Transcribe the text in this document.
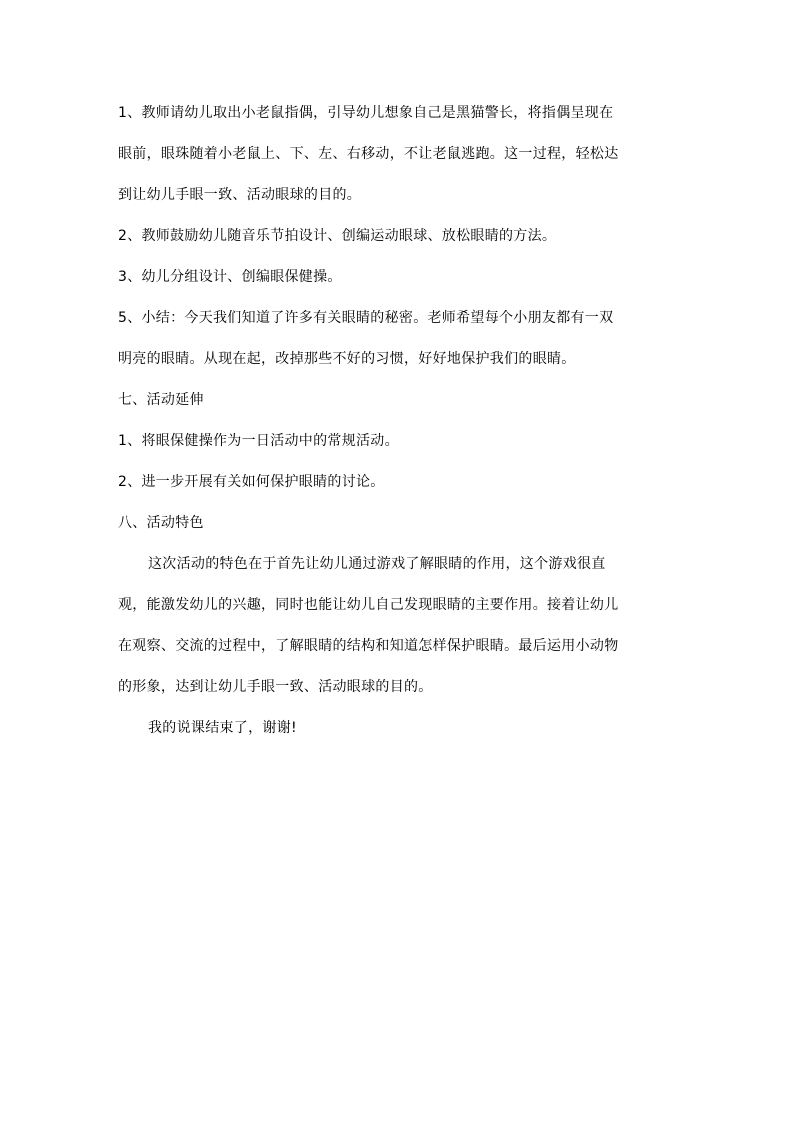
1、教师请幼儿取出小老鼠指偶，引导幼儿想象自己是黑猫警长，将指偶呈现在

眼前，眼珠随着小老鼠上、下、左、右移动，不让老鼠逃跑。这一过程，轻松达

到让幼儿手眼一致、活动眼球的目的。

2、教师鼓励幼儿随音乐节拍设计、创编运动眼球、放松眼睛的方法。

3、幼儿分组设计、创编眼保健操。

5、小结：今天我们知道了许多有关眼睛的秘密。老师希望每个小朋友都有一双

明亮的眼睛。从现在起，改掉那些不好的习惯，好好地保护我们的眼睛。

七、活动延伸

1、将眼保健操作为一日活动中的常规活动。

2、进一步开展有关如何保护眼睛的讨论。

八、活动特色

这次活动的特色在于首先让幼儿通过游戏了解眼睛的作用，这个游戏很直

观，能激发幼儿的兴趣，同时也能让幼儿自己发现眼睛的主要作用。接着让幼儿

在观察、交流的过程中，了解眼睛的结构和知道怎样保护眼睛。最后运用小动物

的形象，达到让幼儿手眼一致、活动眼球的目的。

我的说课结束了，谢谢!
